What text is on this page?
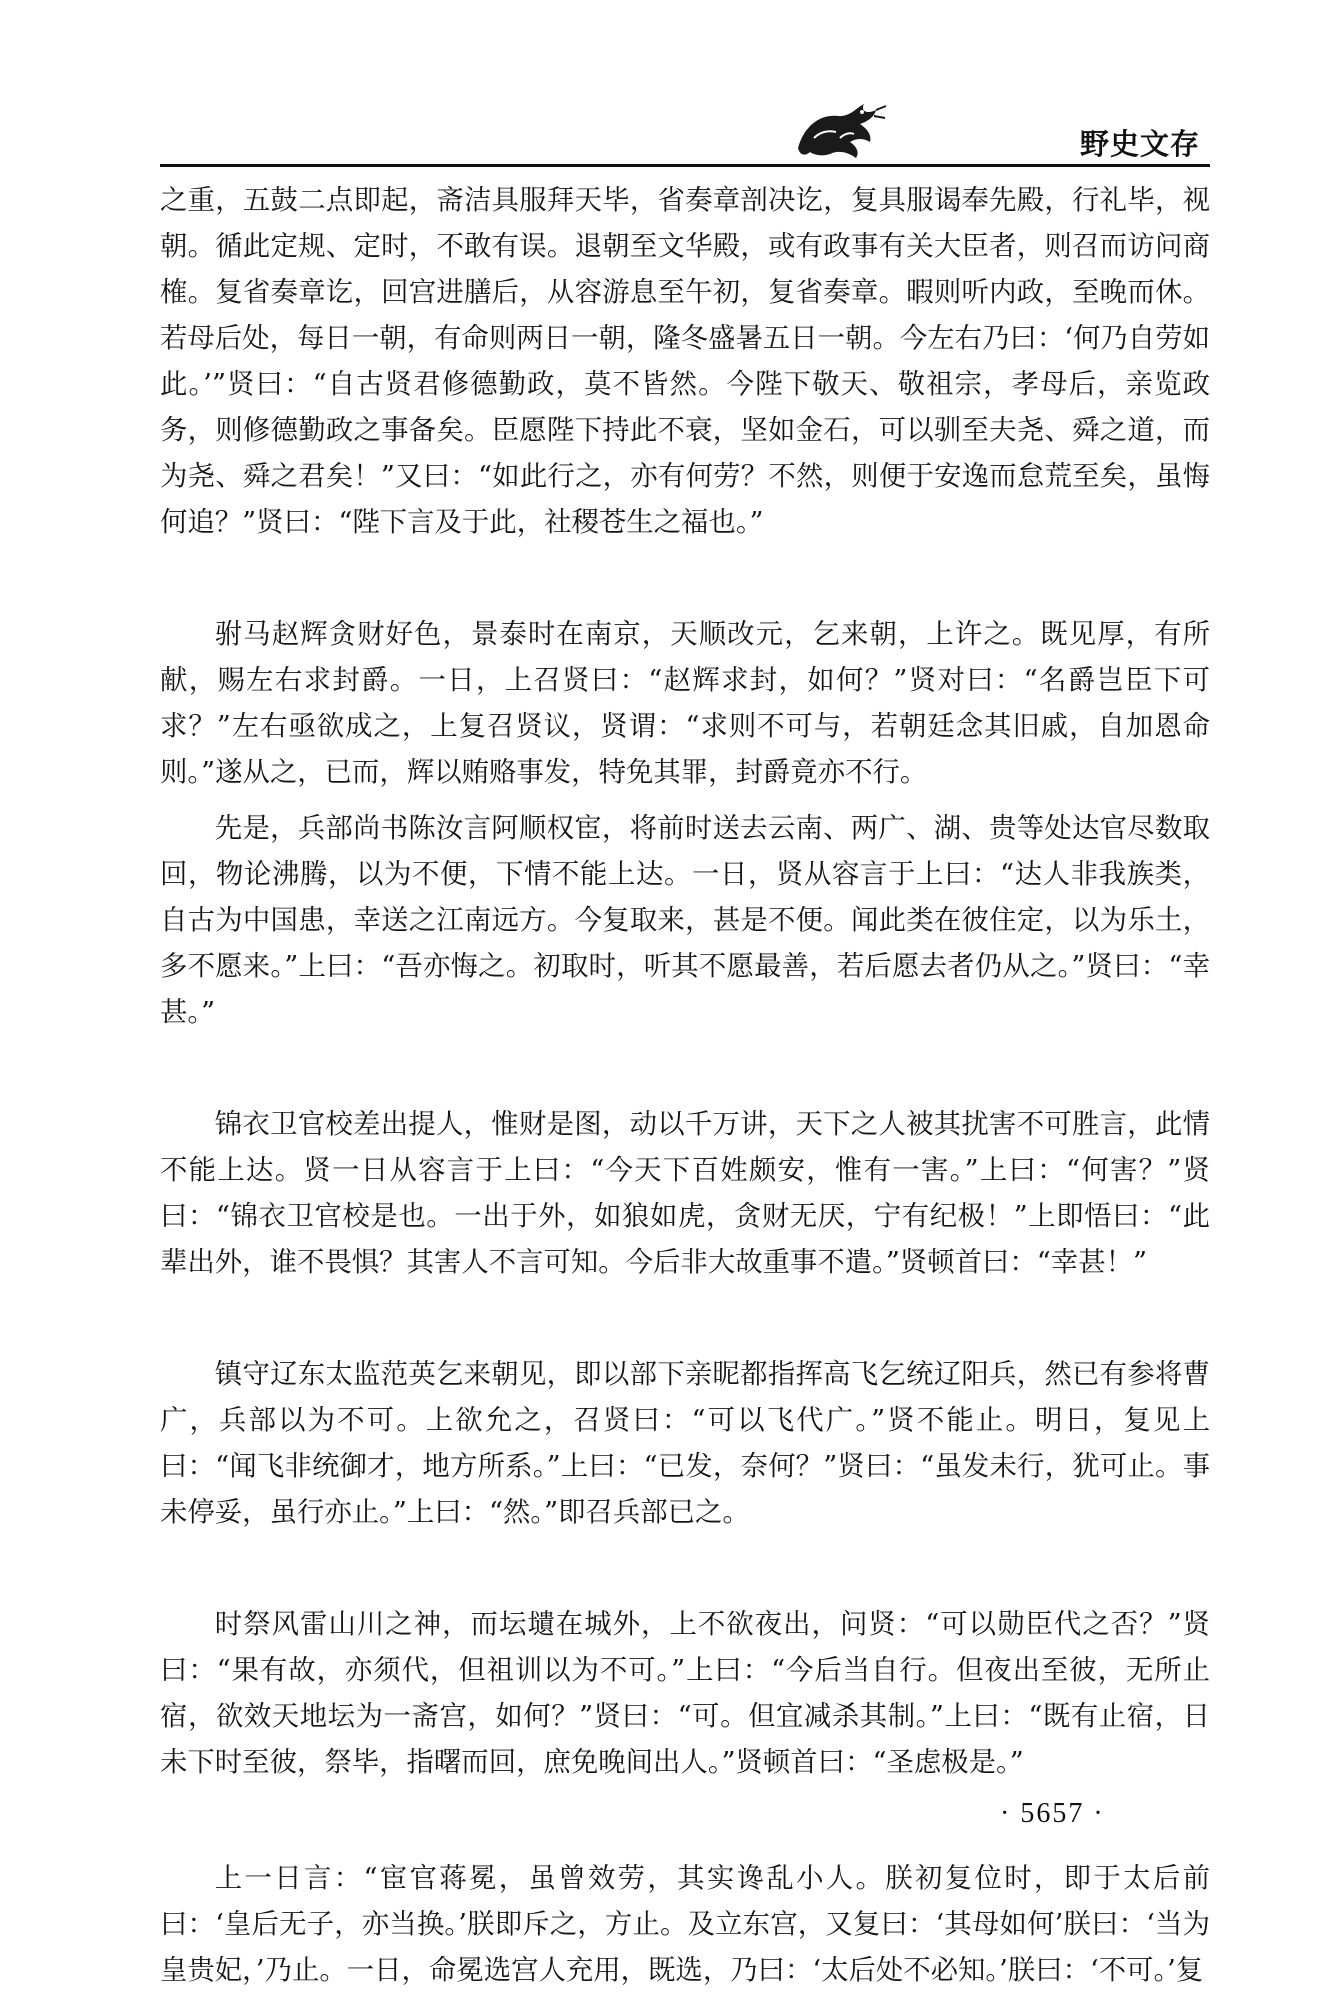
野史文存

之重，五鼓二点即起，斋洁具服拜天毕，省奏章剖决讫，复具服谒奉先殿，行礼毕，视朝。循此定规、定时，不敢有误。退朝至文华殿，或有政事有关大臣者，则召而访问商榷。复省奏章讫，回宫进膳后，从容游息至午初，复省奏章。暇则听内政，至晚而休。若母后处，每日一朝，有命则两日一朝，隆冬盛暑五日一朝。今左右乃曰：‘何乃自劳如此。’”贤曰：“自古贤君修德勤政，莫不皆然。今陛下敬天、敬祖宗，孝母后，亲览政务，则修德勤政之事备矣。臣愿陛下持此不衰，坚如金石，可以驯至夫尧、舜之道，而为尧、舜之君矣！”又曰：“如此行之，亦有何劳？不然，则便于安逸而怠荒至矣，虽悔何追？”贤曰：“陛下言及于此，社稷苍生之福也。”

驸马赵辉贪财好色，景泰时在南京，天顺改元，乞来朝，上许之。既见厚，有所献，赐左右求封爵。一日，上召贤曰：“赵辉求封，如何？”贤对曰：“名爵岂臣下可求？”左右亟欲成之，上复召贤议，贤谓：“求则不可与，若朝廷念其旧戚，自加恩命则。”遂从之，已而，辉以贿赂事发，特免其罪，封爵竟亦不行。

先是，兵部尚书陈汝言阿顺权宦，将前时送去云南、两广、湖、贵等处达官尽数取回，物论沸腾，以为不便，下情不能上达。一日，贤从容言于上曰：“达人非我族类，自古为中国患，幸送之江南远方。今复取来，甚是不便。闻此类在彼住定，以为乐土，多不愿来。”上曰：“吾亦悔之。初取时，听其不愿最善，若后愿去者仍从之。”贤曰：“幸甚。”

锦衣卫官校差出提人，惟财是图，动以千万讲，天下之人被其扰害不可胜言，此情不能上达。贤一日从容言于上曰：“今天下百姓颇安，惟有一害。”上曰：“何害？”贤曰：“锦衣卫官校是也。一出于外，如狼如虎，贪财无厌，宁有纪极！”上即悟曰：“此辈出外，谁不畏惧？其害人不言可知。今后非大故重事不遣。”贤顿首曰：“幸甚！”

镇守辽东太监范英乞来朝见，即以部下亲昵都指挥高飞乞统辽阳兵，然已有参将曹广，兵部以为不可。上欲允之，召贤曰：“可以飞代广。”贤不能止。明日，复见上曰：“闻飞非统御才，地方所系。”上曰：“已发，奈何？”贤曰：“虽发未行，犹可止。事未停妥，虽行亦止。”上曰：“然。”即召兵部已之。

时祭风雷山川之神，而坛壝在城外，上不欲夜出，问贤：“可以勋臣代之否？”贤曰：“果有故，亦须代，但祖训以为不可。”上曰：“今后当自行。但夜出至彼，无所止宿，欲效天地坛为一斋宫，如何？”贤曰：“可。但宜减杀其制。”上曰：“既有止宿，日未下时至彼，祭毕，指曙而回，庶免晚间出人。”贤顿首曰：“圣虑极是。”

上一日言：“宦官蒋冕，虽曾效劳，其实谗乱小人。朕初复位时，即于太后前曰：‘皇后无子，亦当换。’朕即斥之，方止。及立东宫，又复曰：‘其母如何’朕曰：‘当为皇贵妃，’乃止。一日，命冕选宫人充用，既选，乃曰：‘太后处不必知。’朕曰：‘不可。’复

· 5657 ·
